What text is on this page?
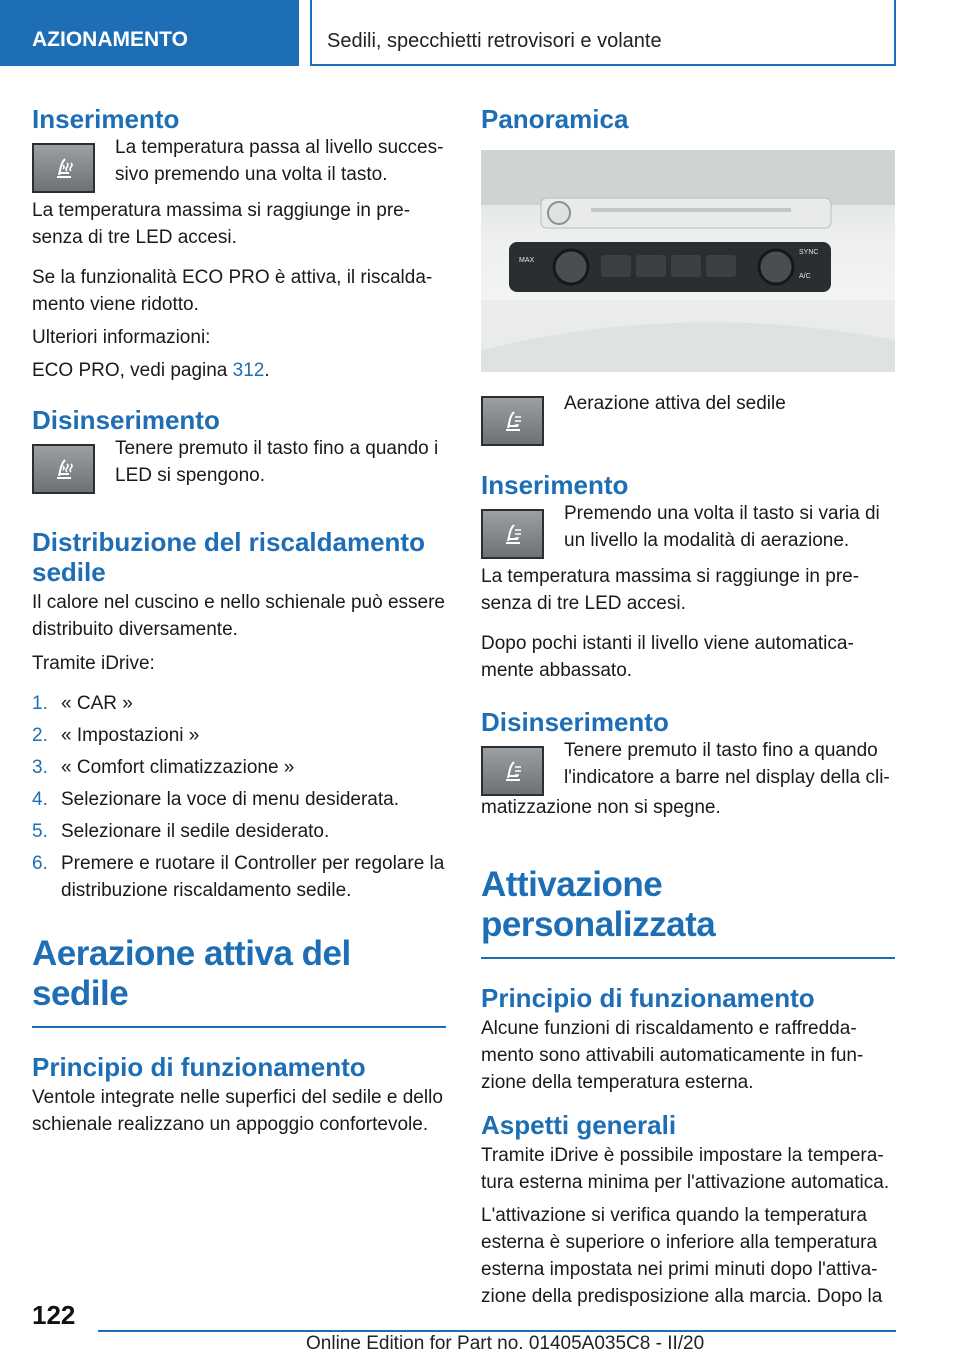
AZIONAMENTO	Sedili, specchietti retrovisori e volante
Inserimento

La temperatura passa al livello succes-sivo premendo una volta il tasto.

La temperatura massima si raggiunge in pre-senza di tre LED accesi.

Se la funzionalità ECO PRO è attiva, il riscalda-mento viene ridotto.

Ulteriori informazioni:

ECO PRO, vedi pagina 312.

Disinserimento

Tenere premuto il tasto fino a quando i LED si spengono.

Distribuzione del riscaldamento sedile

Il calore nel cuscino e nello schienale può essere distribuito diversamente.

Tramite iDrive:

1. « CAR »
2. « Impostazioni »
3. « Comfort climatizzazione »
4. Selezionare la voce di menu desiderata.
5. Selezionare il sedile desiderato.
6. Premere e ruotare il Controller per regolare la distribuzione riscaldamento sedile.
Aerazione attiva del sedile
Principio di funzionamento

Ventole integrate nelle superfici del sedile e dello schienale realizzano un appoggio confortevole.

Panoramica
MAX
SYNC
A/C

Aerazione attiva del sedile

Inserimento

Premendo una volta il tasto si varia di un livello la modalità di aerazione.

La temperatura massima si raggiunge in pre-senza di tre LED accesi.

Dopo pochi istanti il livello viene automatica-mente abbassato.

Disinserimento

Tenere premuto il tasto fino a quando l'indicatore a barre nel display della cli-

matizzazione non si spegne.

Attivazione personalizzata
Principio di funzionamento

Alcune funzioni di riscaldamento e raffredda-mento sono attivabili automaticamente in fun-zione della temperatura esterna.

Aspetti generali

Tramite iDrive è possibile impostare la tempera-tura esterna minima per l'attivazione automatica.

L'attivazione si verifica quando la temperatura esterna è superiore o inferiore alla temperatura esterna impostata nei primi minuti dopo l'attiva-zione della predisposizione alla marcia. Dopo la

122
Online Edition for Part no. 01405A035C8 - II/20
